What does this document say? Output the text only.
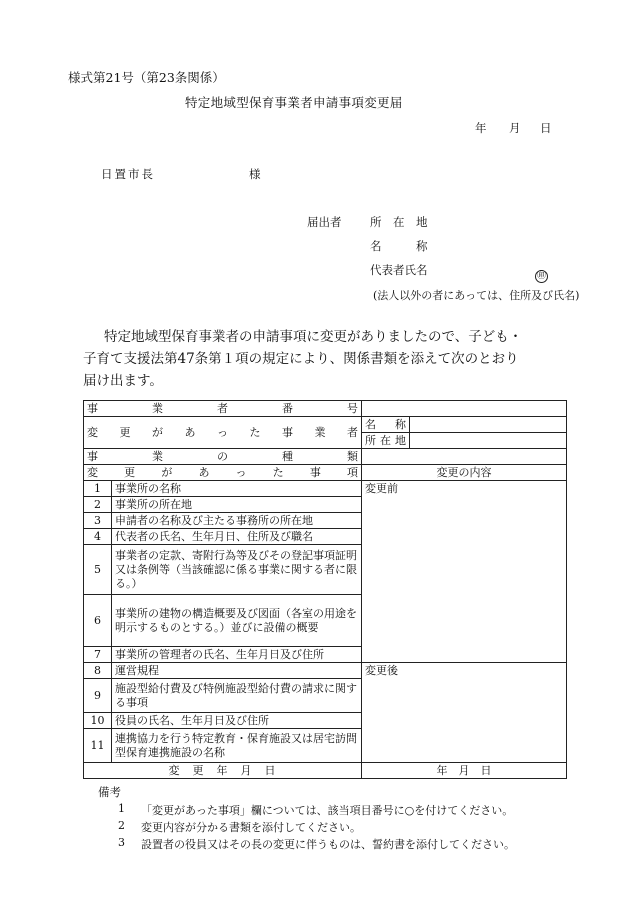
様式第21号（第23条関係）
特定地域型保育事業者申請事項変更届
年 月 日
日置市長	様
届出者 所　在　地
名　　　称
代表者氏名	㊞
(法人以外の者にあっては、住所及び氏名)
特定地域型保育事業者の申請事項に変更がありましたので、子ども・
子育て支援法第47条第１項の規定により、関係書類を添えて次のとおり
届け出ます。
事業者番号			
変更があった事業者		名　称	
		所在地	
事業の種類			
変更があった事項		変更の内容	
1	事業所の名称	変更前	
2	事業所の所在地		
3	申請者の名称及び主たる事務所の所在地		
4	代表者の氏名、生年月日、住所及び職名		
5	事業者の定款、寄附行為等及びその登記事項証明又は条例等（当該確認に係る事業に関する者に限る。）		
6	事業所の建物の構造概要及び図面（各室の用途を明示するものとする。）並びに設備の概要		
7	事業所の管理者の氏名、生年月日及び住所		
8	運営規程	変更後	
9	施設型給付費及び特例施設型給付費の請求に関する事項		
10	役員の氏名、生年月日及び住所		
11	連携協力を行う特定教育・保育施設又は居宅訪問型保育連携施設の名称		

変　更　年　月　日		年　月　日	
備考
1 「変更があった事項」欄については、該当項目番号に○を付けてください。
2 変更内容が分かる書類を添付してください。
3 設置者の役員又はその長の変更に伴うものは、誓約書を添付してください。
